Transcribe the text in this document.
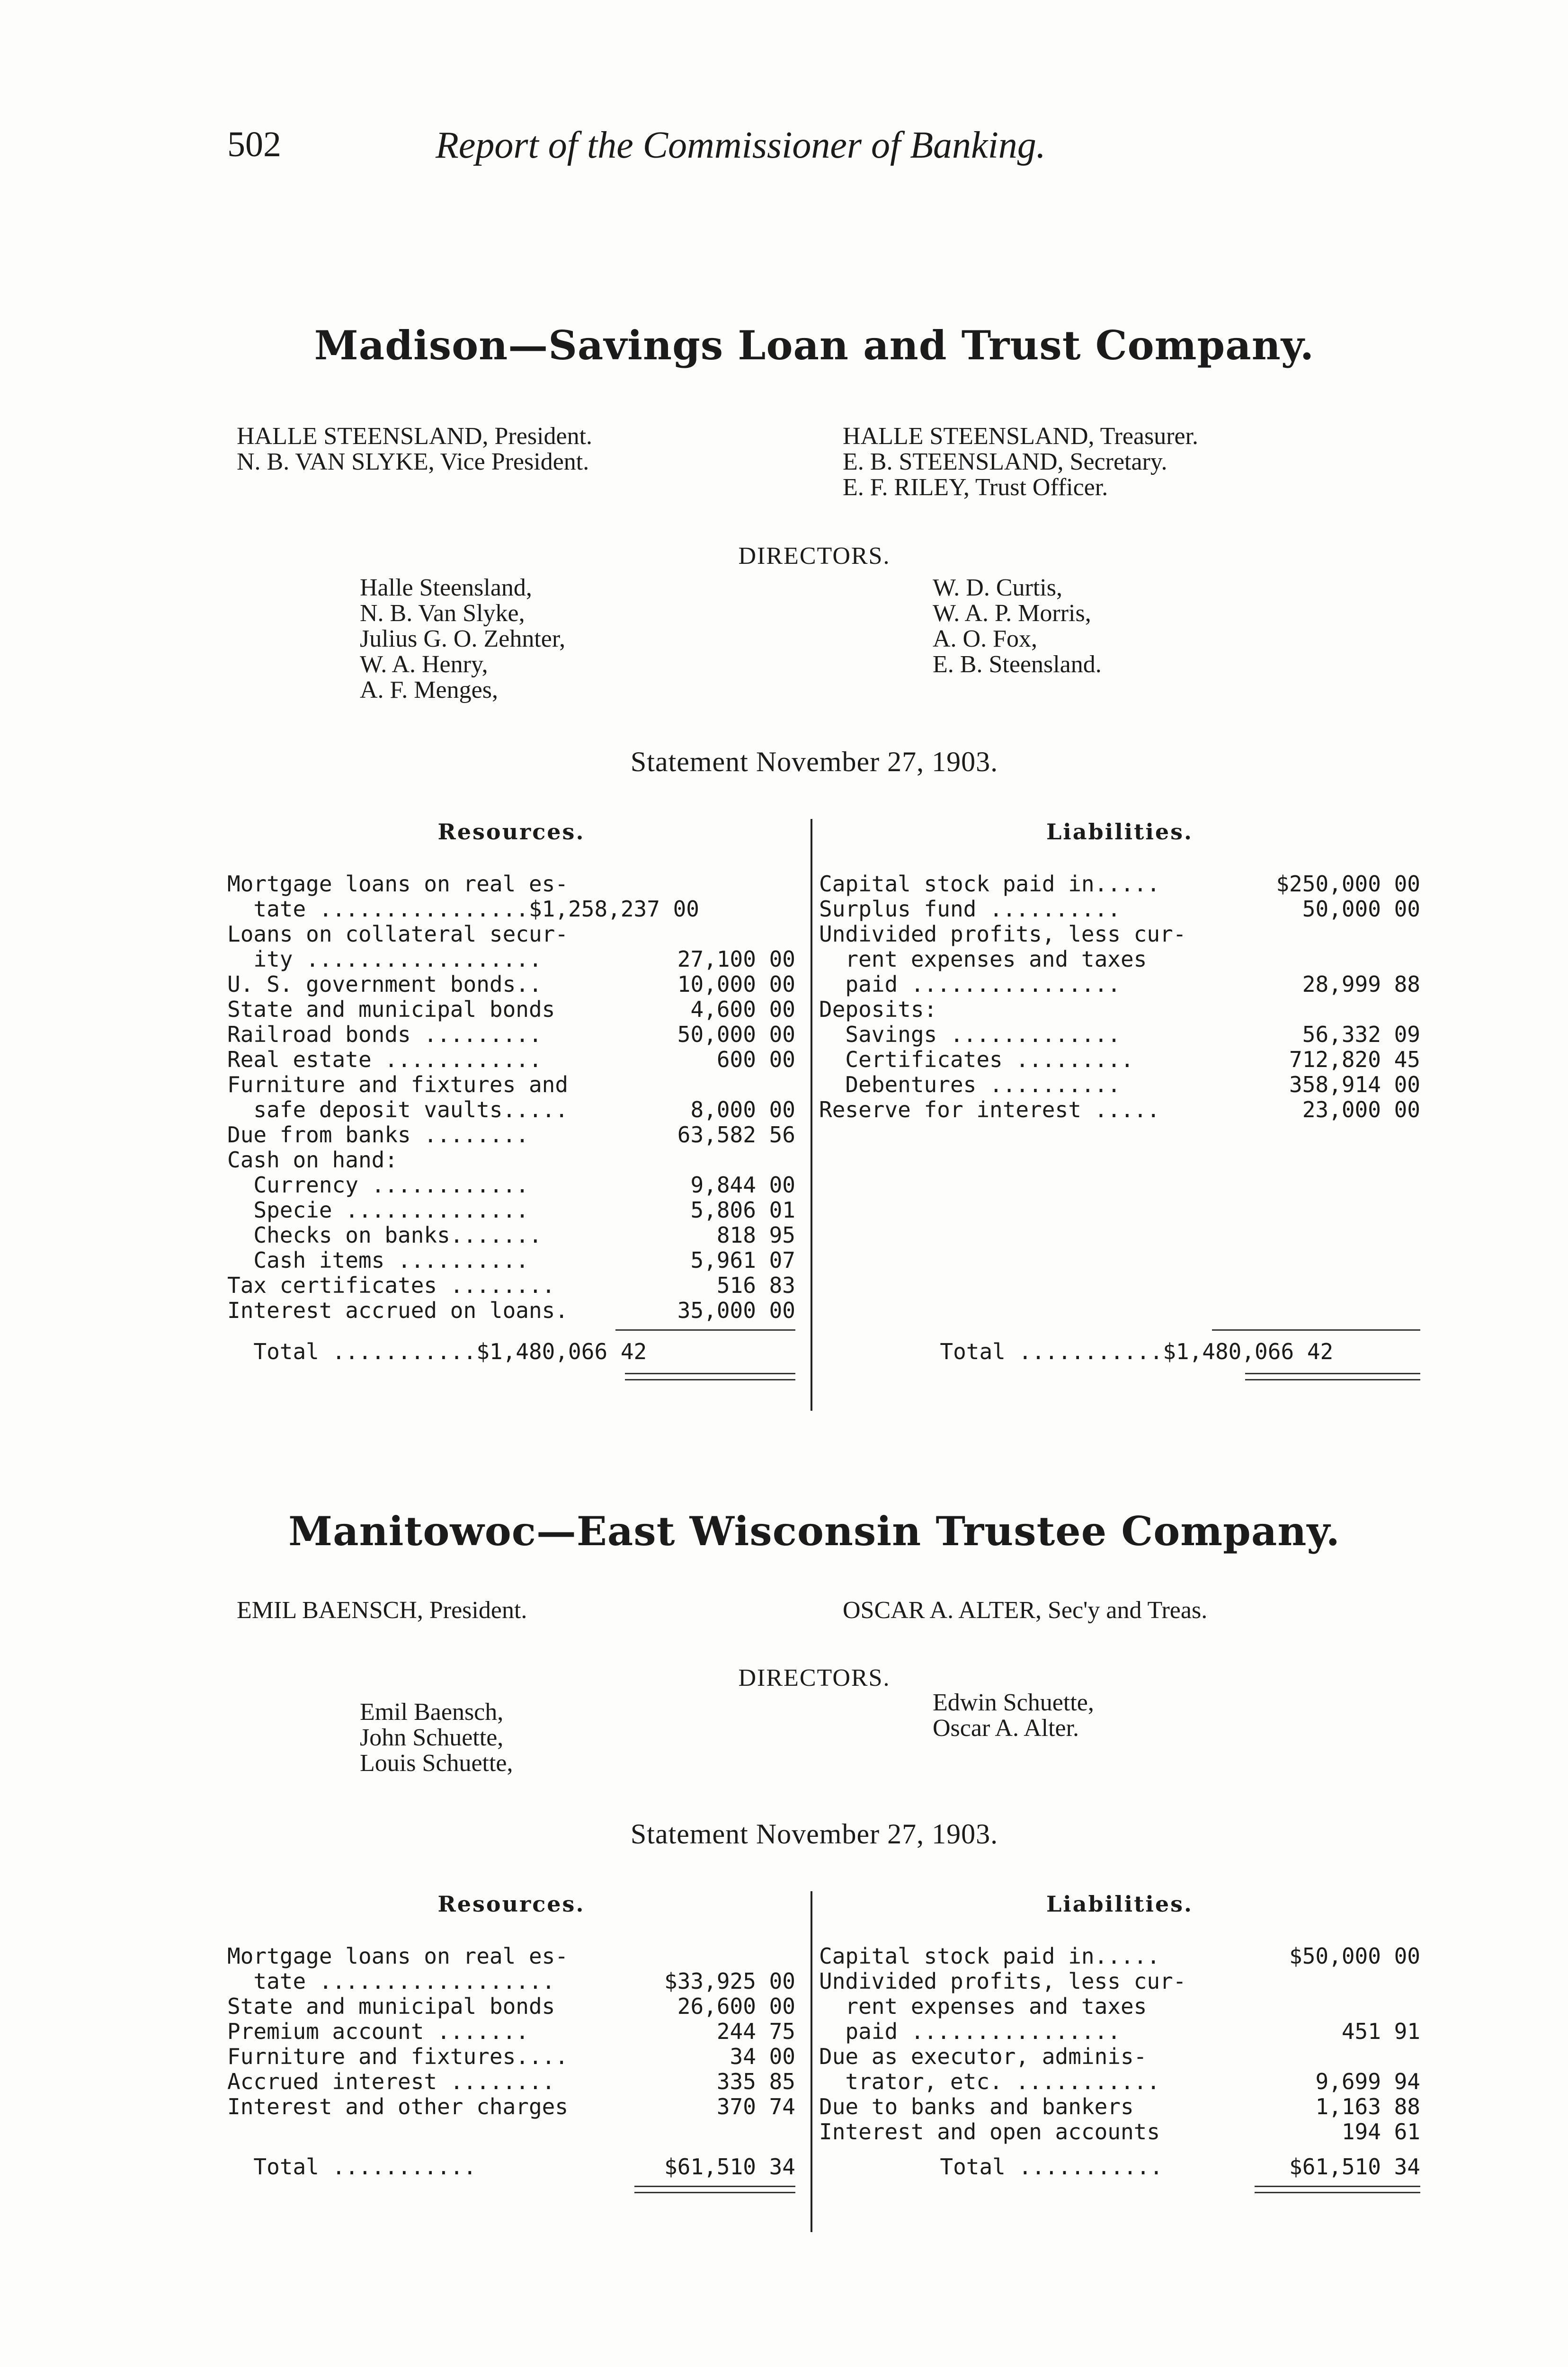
502	Report of the Commissioner of Banking.
Madison—Savings Loan and Trust Company.
HALLE STEENSLAND, President.
N. B. VAN SLYKE, Vice President.
HALLE STEENSLAND, Treasurer.
E. B. STEENSLAND, Secretary.
E. F. RILEY, Trust Officer.
DIRECTORS.
Halle Steensland,
N. B. Van Slyke,
Julius G. O. Zehnter,
W. A. Henry,
A. F. Menges,
W. D. Curtis,
W. A. P. Morris,
A. O. Fox,
E. B. Steensland.
Statement November 27, 1903.
Resources.
Mortgage loans on real es-
tate ................$1,258,237 00
Loans on collateral secur-
ity ..................	27,100 00
U. S. government bonds..	10,000 00
State and municipal bonds	4,600 00
Railroad bonds .........	50,000 00
Real estate ............	600 00
Furniture and fixtures and
safe deposit vaults.....	8,000 00
Due from banks ........	63,582 56
Cash on hand:
Currency ............	9,844 00
Specie ..............	5,806 01
Checks on banks.......	818 95
Cash items ..........	5,961 07
Tax certificates ........	516 83
Interest accrued on loans.	35,000 00
Total ...........$1,480,066 42
Liabilities.
Capital stock paid in.....	$250,000 00
Surplus fund ..........	50,000 00
Undivided profits, less cur-
rent expenses and taxes
paid ................	28,999 88
Deposits:
Savings .............	56,332 09
Certificates .........	712,820 45
Debentures ..........	358,914 00
Reserve for interest .....	23,000 00
Total ...........$1,480,066 42
Manitowoc—East Wisconsin Trustee Company.
EMIL BAENSCH, President.	OSCAR A. ALTER, Sec'y and Treas.
DIRECTORS.
Emil Baensch,
John Schuette,
Louis Schuette,
Edwin Schuette,
Oscar A. Alter.
Statement November 27, 1903.
Resources.
Mortgage loans on real es-
tate ..................	$33,925 00
State and municipal bonds	26,600 00
Premium account .......	244 75
Furniture and fixtures....	34 00
Accrued interest ........	335 85
Interest and other charges	370 74
Total ...........	$61,510 34
Liabilities.
Capital stock paid in.....	$50,000 00
Undivided profits, less cur-
rent expenses and taxes
paid ................	451 91
Due as executor, adminis-
trator, etc. ...........	9,699 94
Due to banks and bankers	1,163 88
Interest and open accounts	194 61
Total ...........	$61,510 34
